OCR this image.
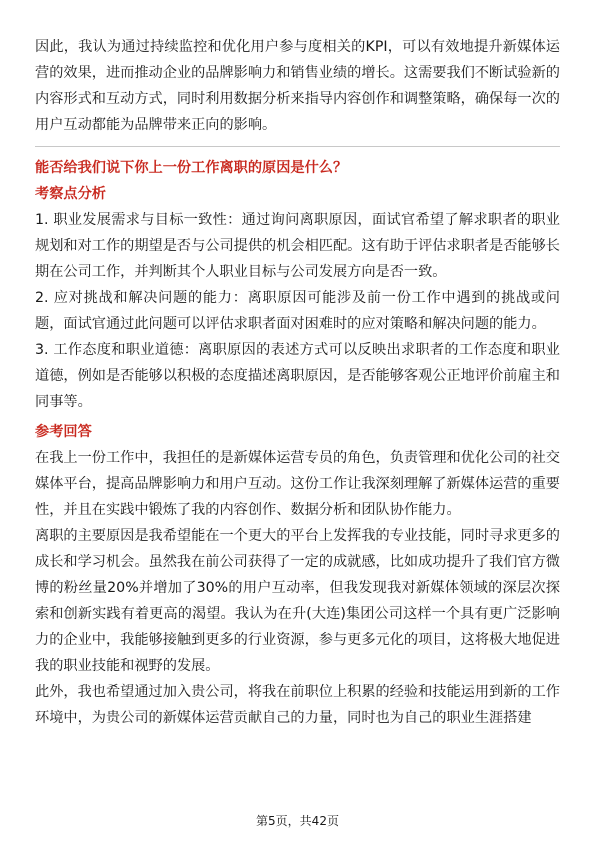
因此，我认为通过持续监控和优化用户参与度相关的KPI，可以有效地提升新媒体运营的效果，进而推动企业的品牌影响力和销售业绩的增长。这需要我们不断试验新的内容形式和互动方式，同时利用数据分析来指导内容创作和调整策略，确保每一次的用户互动都能为品牌带来正向的影响。

能否给我们说下你上一份工作离职的原因是什么？

考察点分析

1. 职业发展需求与目标一致性：通过询问离职原因，面试官希望了解求职者的职业规划和对工作的期望是否与公司提供的机会相匹配。这有助于评估求职者是否能够长期在公司工作，并判断其个人职业目标与公司发展方向是否一致。

2. 应对挑战和解决问题的能力：离职原因可能涉及前一份工作中遇到的挑战或问题，面试官通过此问题可以评估求职者面对困难时的应对策略和解决问题的能力。

3. 工作态度和职业道德：离职原因的表述方式可以反映出求职者的工作态度和职业道德，例如是否能够以积极的态度描述离职原因，是否能够客观公正地评价前雇主和同事等。

参考回答

在我上一份工作中，我担任的是新媒体运营专员的角色，负责管理和优化公司的社交媒体平台，提高品牌影响力和用户互动。这份工作让我深刻理解了新媒体运营的重要性，并且在实践中锻炼了我的内容创作、数据分析和团队协作能力。

离职的主要原因是我希望能在一个更大的平台上发挥我的专业技能，同时寻求更多的成长和学习机会。虽然我在前公司获得了一定的成就感，比如成功提升了我们官方微博的粉丝量20%并增加了30%的用户互动率，但我发现我对新媒体领域的深层次探索和创新实践有着更高的渴望。我认为在升(大连)集团公司这样一个具有更广泛影响力的企业中，我能够接触到更多的行业资源，参与更多元化的项目，这将极大地促进我的职业技能和视野的发展。

此外，我也希望通过加入贵公司，将我在前职位上积累的经验和技能运用到新的工作环境中，为贵公司的新媒体运营贡献自己的力量，同时也为自己的职业生涯搭建

第5页，共42页
